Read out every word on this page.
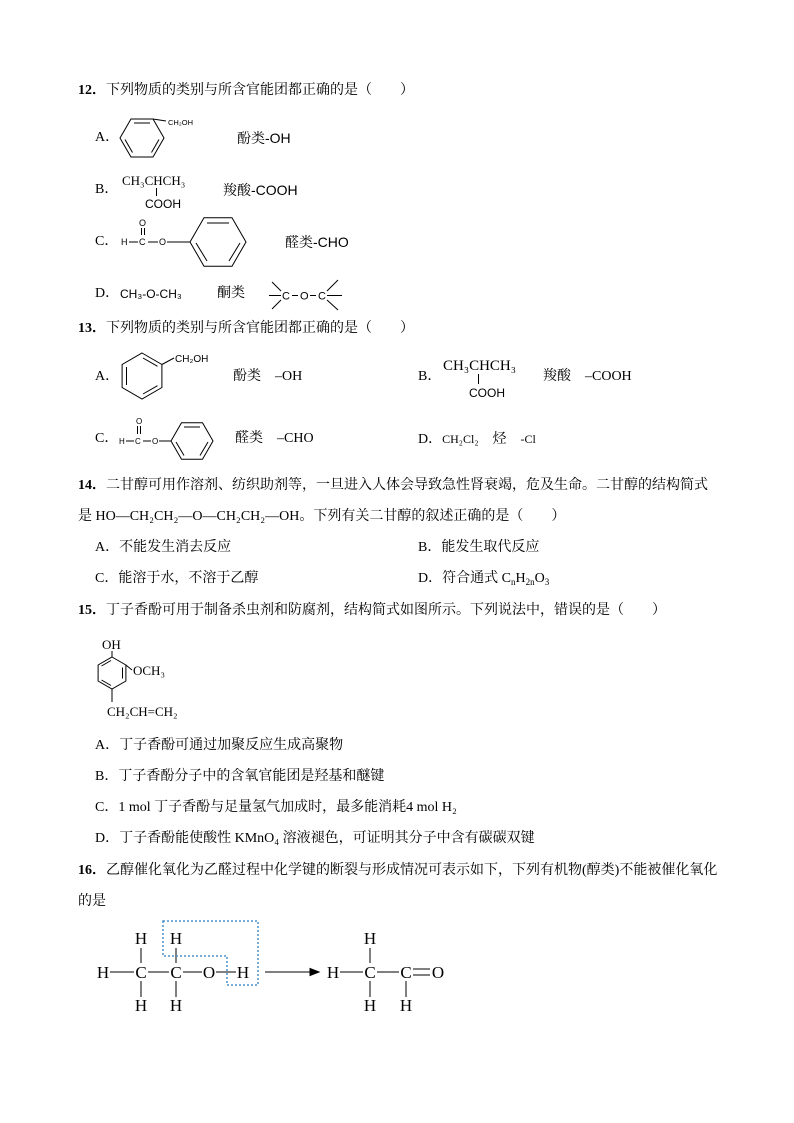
12．下列物质的类别与所含官能团都正确的是（　　）
A．
CH₂OH
酚类-OH
B．
CH₃CHCH₃
COOH
羧酸-COOH
C． H C
O
O	醛类-CHO
D． CH₃-O-CH₃	酮类	C O C
13．下列物质的类别与所含官能团都正确的是（　　）
A．
CH₂OH
酚类　–OH	B．
CH₃CHCH₃
COOH
羧酸　–COOH
C． H C
O
O	醛类　–CHO	D．CH₂Cl₂　 烃　 -Cl
14．二甘醇可用作溶剂、纺织助剂等，一旦进入人体会导致急性肾衰竭，危及生命。二甘醇的结构简式
是 HO—CH₂CH₂—O—CH₂CH₂—OH。下列有关二甘醇的叙述正确的是（　　）
A．不能发生消去反应	B．能发生取代反应
C．能溶于水，不溶于乙醇	D．符合通式 $C_nH_{2n}O_3$
15．丁子香酚可用于制备杀虫剂和防腐剂，结构简式如图所示。下列说法中，错误的是（　　）
OH
OCH₃
CH₂CH=CH₂
A．丁子香酚可通过加聚反应生成高聚物
B．丁子香酚分子中的含氧官能团是羟基和醚键
C．1 mol 丁子香酚与足量氢气加成时，最多能消耗4 mol H₂
D．丁子香酚能使酸性 KMnO₄ 溶液褪色，可证明其分子中含有碳碳双键
16．乙醇催化氧化为乙醛过程中化学键的断裂与形成情况可表示如下，下列有机物(醇类)不能被催化氧化
的是
H H
H C C O H
H H
H
H C C O
H H
